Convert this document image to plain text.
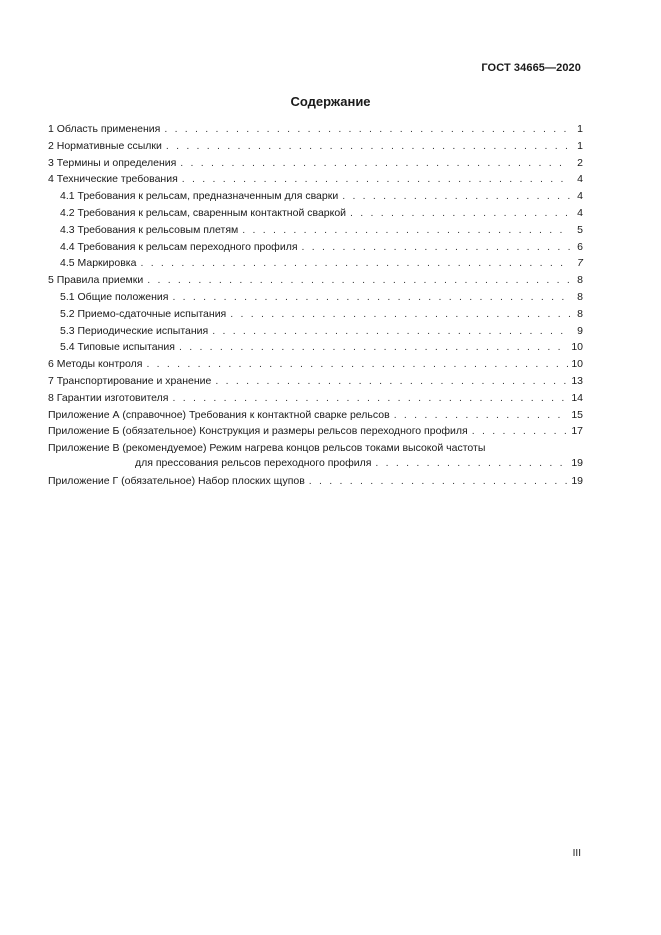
ГОСТ 34665—2020
Содержание
1 Область применения . . .	1
2 Нормативные ссылки . . .	1
3 Термины и определения . . .	2
4 Технические требования . . .	4
4.1 Требования к рельсам, предназначенным для сварки . . .	4
4.2 Требования к рельсам, сваренным контактной сваркой . . .	4
4.3 Требования к рельсовым плетям . . .	5
4.4 Требования к рельсам переходного профиля . . .	6
4.5 Маркировка . . .	7
5 Правила приемки . . .	8
5.1 Общие положения . . .	8
5.2 Приемо-сдаточные испытания . . .	8
5.3 Периодические испытания . . .	9
5.4 Типовые испытания . . .	10
6 Методы контроля . . .	10
7 Транспортирование и хранение . . .	13
8 Гарантии изготовителя . . .	14
Приложение А (справочное) Требования к контактной сварке рельсов . . .	15
Приложение Б (обязательное) Конструкция и размеры рельсов переходного профиля . . .	17
Приложение В (рекомендуемое) Режим нагрева концов рельсов токами высокой частоты
для прессования рельсов переходного профиля . . .	19
Приложение Г (обязательное) Набор плоских щупов . . .	19
III
